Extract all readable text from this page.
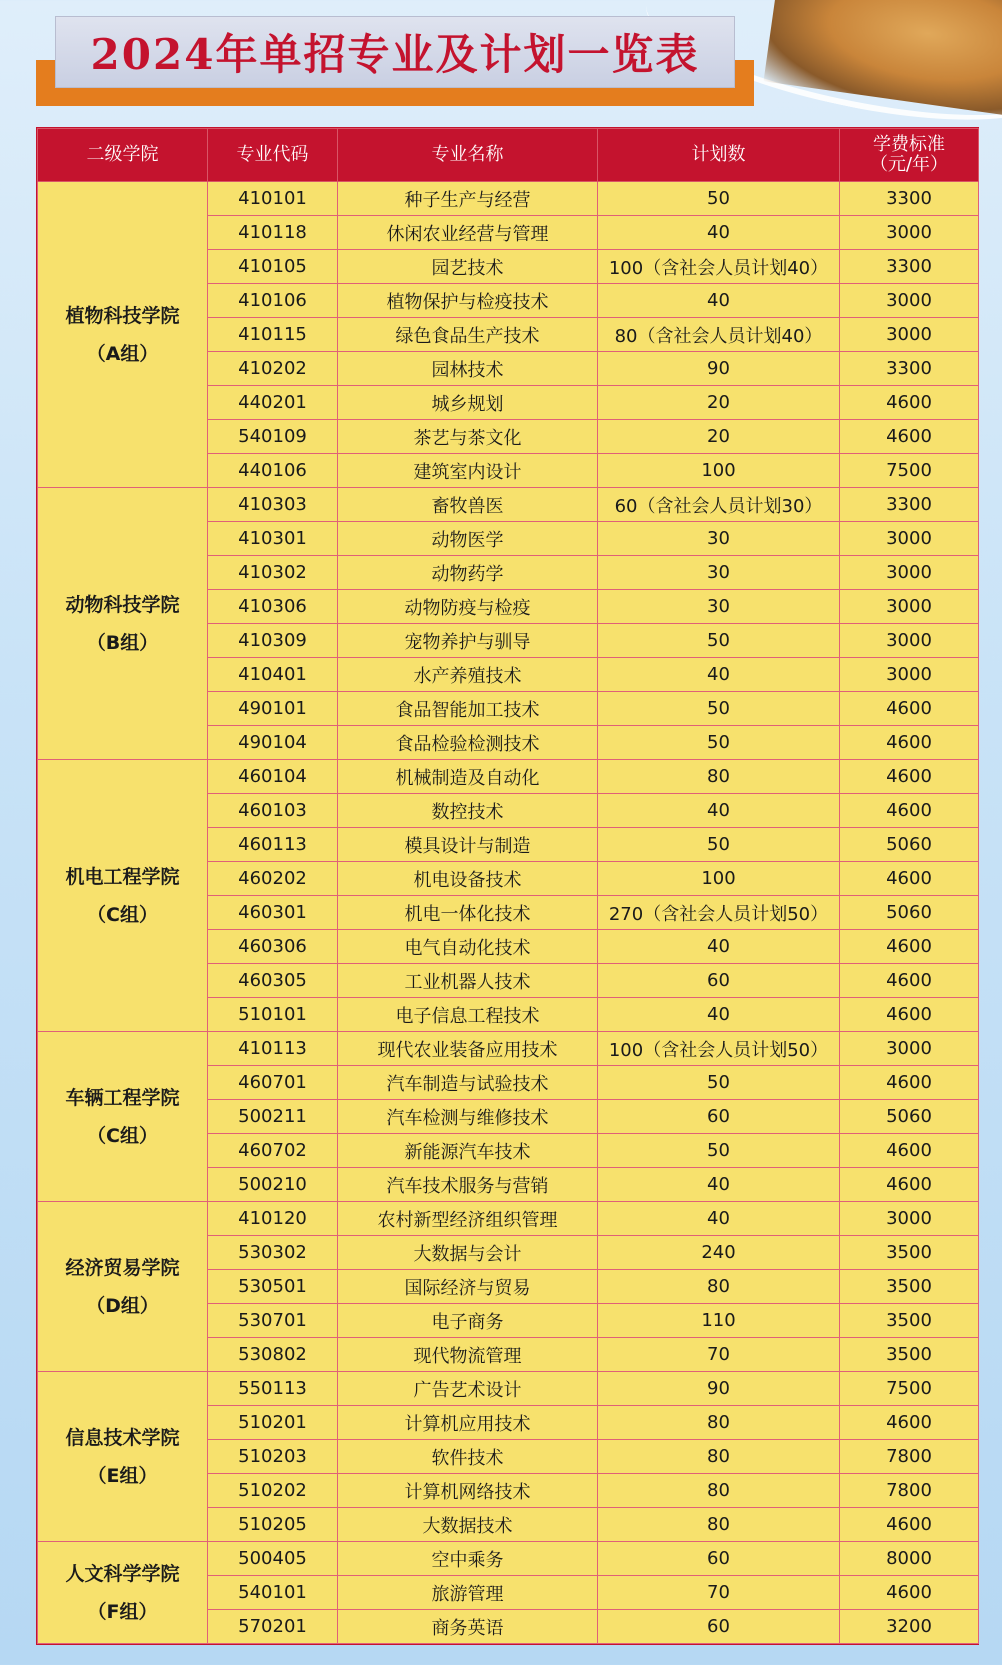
2024年单招专业及计划一览表
二级学院	专业代码	专业名称	计划数	学费标准
（元/年）

植物科技学院
（A组）	410101	种子生产与经营	50	3300
	410118	休闲农业经营与管理	40	3000
	410105	园艺技术	100（含社会人员计划40）	3300
	410106	植物保护与检疫技术	40	3000
	410115	绿色食品生产技术	80（含社会人员计划40）	3000
	410202	园林技术	90	3300
	440201	城乡规划	20	4600
	540109	茶艺与茶文化	20	4600
	440106	建筑室内设计	100	7500

动物科技学院
（B组）	410303	畜牧兽医	60（含社会人员计划30）	3300
	410301	动物医学	30	3000
	410302	动物药学	30	3000
	410306	动物防疫与检疫	30	3000
	410309	宠物养护与驯导	50	3000
	410401	水产养殖技术	40	3000
	490101	食品智能加工技术	50	4600
	490104	食品检验检测技术	50	4600

机电工程学院
（C组）	460104	机械制造及自动化	80	4600
	460103	数控技术	40	4600
	460113	模具设计与制造	50	5060
	460202	机电设备技术	100	4600
	460301	机电一体化技术	270（含社会人员计划50）	5060
	460306	电气自动化技术	40	4600
	460305	工业机器人技术	60	4600
	510101	电子信息工程技术	40	4600

车辆工程学院
（C组）	410113	现代农业装备应用技术	100（含社会人员计划50）	3000
	460701	汽车制造与试验技术	50	4600
	500211	汽车检测与维修技术	60	5060
	460702	新能源汽车技术	50	4600
	500210	汽车技术服务与营销	40	4600

经济贸易学院
（D组）	410120	农村新型经济组织管理	40	3000
	530302	大数据与会计	240	3500
	530501	国际经济与贸易	80	3500
	530701	电子商务	110	3500
	530802	现代物流管理	70	3500

信息技术学院
（E组）	550113	广告艺术设计	90	7500
	510201	计算机应用技术	80	4600
	510203	软件技术	80	7800
	510202	计算机网络技术	80	7800
	510205	大数据技术	80	4600

人文科学学院
（F组）	500405	空中乘务	60	8000
	540101	旅游管理	70	4600
	570201	商务英语	60	3200
